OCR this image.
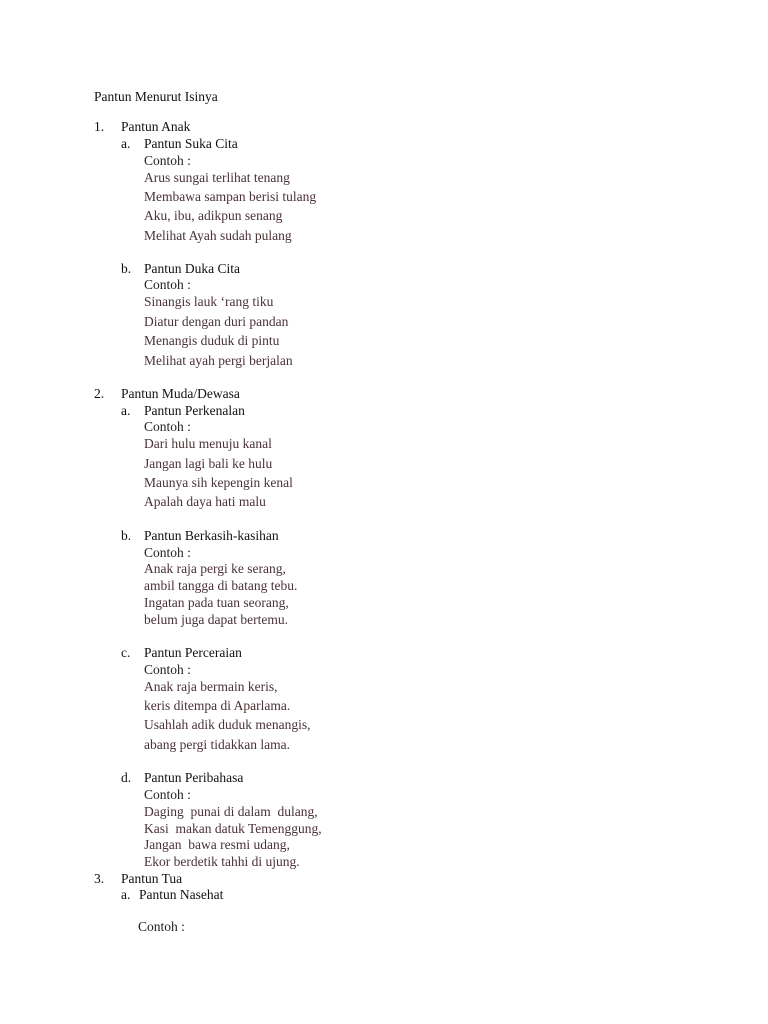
Pantun Menurut Isinya
1. Pantun Anak
a. Pantun Suka Cita
Contoh :
Arus sungai terlihat tenang
Membawa sampan berisi tulang
Aku, ibu, adikpun senang
Melihat Ayah sudah pulang
b. Pantun Duka Cita
Contoh :
Sinangis lauk ‘rang tiku
Diatur dengan duri pandan
Menangis duduk di pintu
Melihat ayah pergi berjalan
2. Pantun Muda/Dewasa
a. Pantun Perkenalan
Contoh :
Dari hulu menuju kanal
Jangan lagi bali ke hulu
Maunya sih kepengin kenal
Apalah daya hati malu
b. Pantun Berkasih-kasihan
Contoh :
Anak raja pergi ke serang,
ambil tangga di batang tebu.
Ingatan pada tuan seorang,
belum juga dapat bertemu.
c. Pantun Perceraian
Contoh :
Anak raja bermain keris,
keris ditempa di Aparlama.
Usahlah adik duduk menangis,
abang pergi tidakkan lama.
d. Pantun Peribahasa
Contoh :
Daging  punai di dalam  dulang,
Kasi  makan datuk Temenggung,
Jangan  bawa resmi udang,
Ekor berdetik tahhi di ujung.
3. Pantun Tua
a. Pantun Nasehat
Contoh :
